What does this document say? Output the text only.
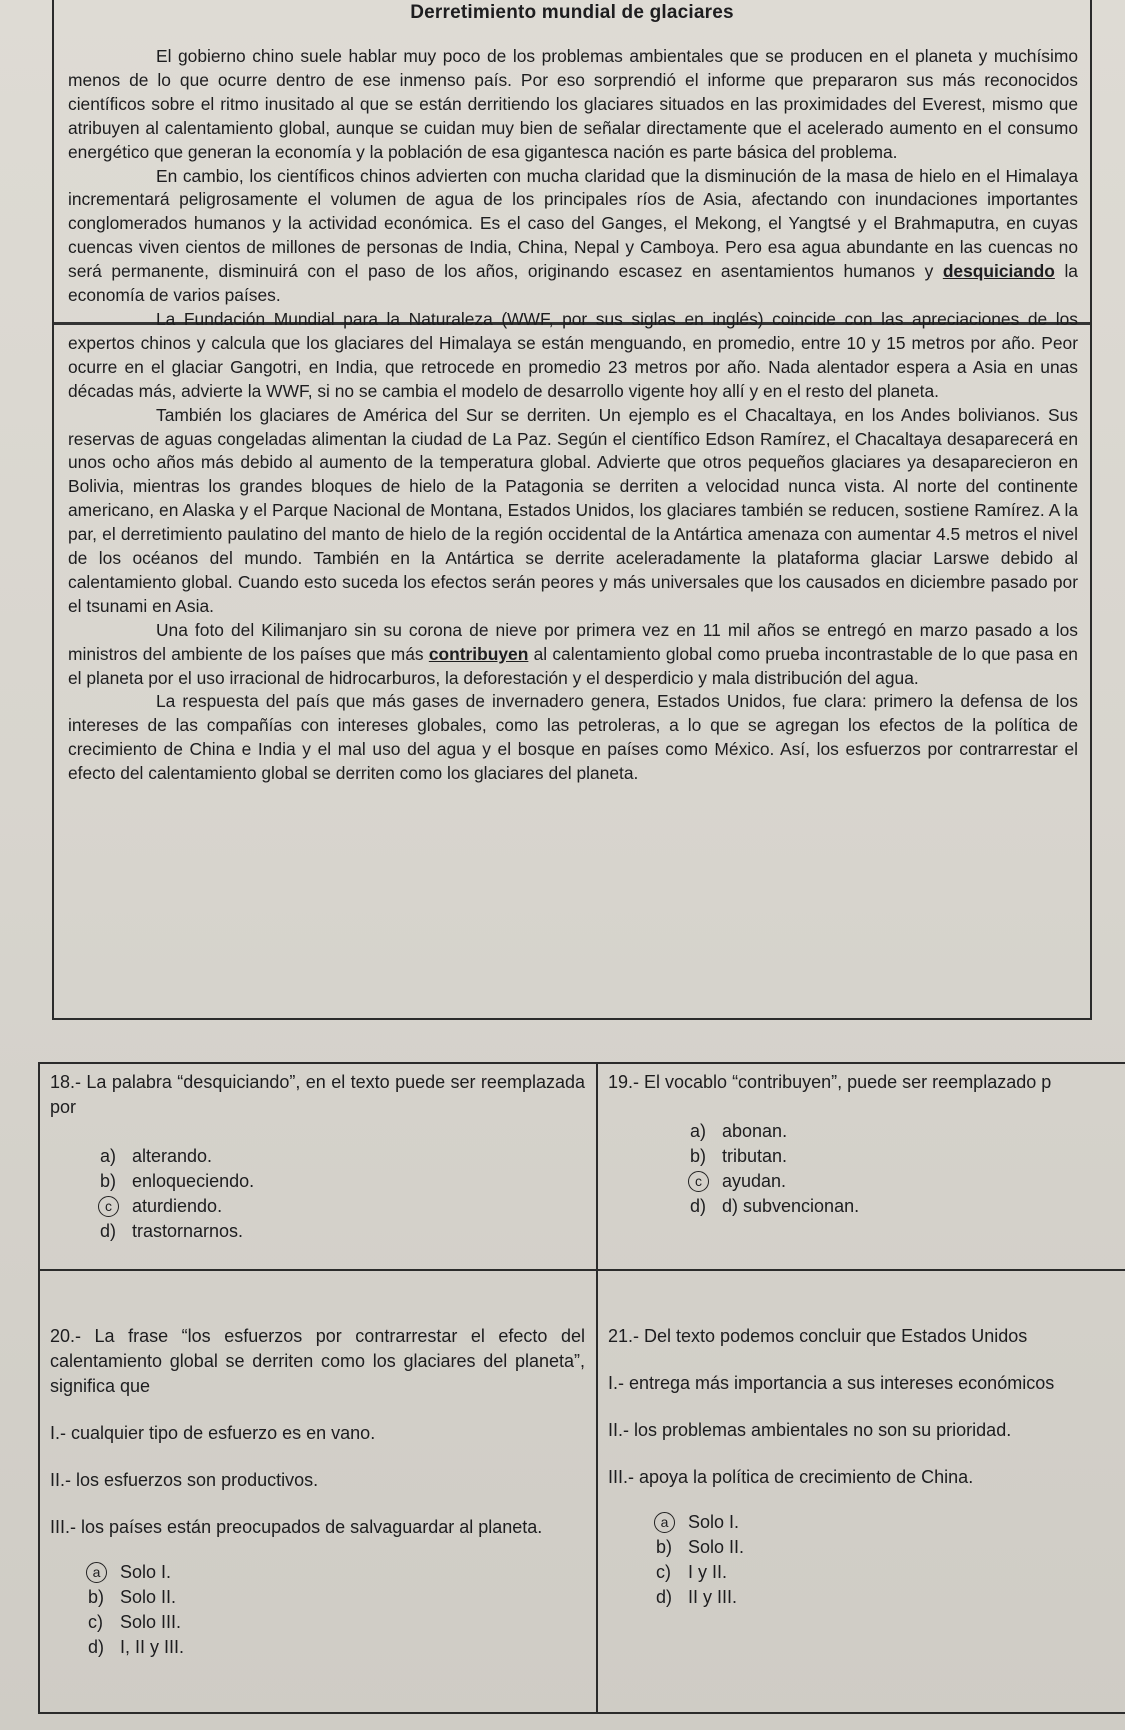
Derretimiento mundial de glaciares

El gobierno chino suele hablar muy poco de los problemas ambientales que se producen en el planeta y muchísimo menos de lo que ocurre dentro de ese inmenso país. Por eso sorprendió el informe que prepararon sus más reconocidos científicos sobre el ritmo inusitado al que se están derritiendo los glaciares situados en las proximidades del Everest, mismo que atribuyen al calentamiento global, aunque se cuidan muy bien de señalar directamente que el acelerado aumento en el consumo energético que generan la economía y la población de esa gigantesca nación es parte básica del problema.

En cambio, los científicos chinos advierten con mucha claridad que la disminución de la masa de hielo en el Himalaya incrementará peligrosamente el volumen de agua de los principales ríos de Asia, afectando con inundaciones importantes conglomerados humanos y la actividad económica. Es el caso del Ganges, el Mekong, el Yangtsé y el Brahmaputra, en cuyas cuencas viven cientos de millones de personas de India, China, Nepal y Camboya. Pero esa agua abundante en las cuencas no será permanente, disminuirá con el paso de los años, originando escasez en asentamientos humanos y desquiciando la economía de varios países.

La Fundación Mundial para la Naturaleza (WWF, por sus siglas en inglés) coincide con las apreciaciones de los expertos chinos y calcula que los glaciares del Himalaya se están menguando, en promedio, entre 10 y 15 metros por año. Peor ocurre en el glaciar Gangotri, en India, que retrocede en promedio 23 metros por año. Nada alentador espera a Asia en unas décadas más, advierte la WWF, si no se cambia el modelo de desarrollo vigente hoy allí y en el resto del planeta.

También los glaciares de América del Sur se derriten. Un ejemplo es el Chacaltaya, en los Andes bolivianos. Sus reservas de aguas congeladas alimentan la ciudad de La Paz. Según el científico Edson Ramírez, el Chacaltaya desaparecerá en unos ocho años más debido al aumento de la temperatura global. Advierte que otros pequeños glaciares ya desaparecieron en Bolivia, mientras los grandes bloques de hielo de la Patagonia se derriten a velocidad nunca vista. Al norte del continente americano, en Alaska y el Parque Nacional de Montana, Estados Unidos, los glaciares también se reducen, sostiene Ramírez. A la par, el derretimiento paulatino del manto de hielo de la región occidental de la Antártica amenaza con aumentar 4.5 metros el nivel de los océanos del mundo. También en la Antártica se derrite aceleradamente la plataforma glaciar Larswe debido al calentamiento global. Cuando esto suceda los efectos serán peores y más universales que los causados en diciembre pasado por el tsunami en Asia.

Una foto del Kilimanjaro sin su corona de nieve por primera vez en 11 mil años se entregó en marzo pasado a los ministros del ambiente de los países que más contribuyen al calentamiento global como prueba incontrastable de lo que pasa en el planeta por el uso irracional de hidrocarburos, la deforestación y el desperdicio y mala distribución del agua.

La respuesta del país que más gases de invernadero genera, Estados Unidos, fue clara: primero la defensa de los intereses de las compañías con intereses globales, como las petroleras, a lo que se agregan los efectos de la política de crecimiento de China e India y el mal uso del agua y el bosque en países como México. Así, los esfuerzos por contrarrestar el efecto del calentamiento global se derriten como los glaciares del planeta.

18.- La palabra “desquiciando”, en el texto puede ser reemplazada por
a) alterando.
b) enloqueciendo.
c	aturdiendo.
d) trastornarnos.
19.- El vocablo “contribuyen”, puede ser reemplazado p
a) abonan.
b) tributan.
c	ayudan.
d) d) subvencionan.
20.- La frase “los esfuerzos por contrarrestar el efecto del calentamiento global se derriten como los glaciares del planeta”, significa que
I.- cualquier tipo de esfuerzo es en vano.
II.- los esfuerzos son productivos.
III.- los países están preocupados de salvaguardar al planeta.
a	Solo I.
b) Solo II.
c) Solo III.
d) I, II y III.
21.- Del texto podemos concluir que Estados Unidos
I.- entrega más importancia a sus intereses económicos
II.- los problemas ambientales no son su prioridad.
III.- apoya la política de crecimiento de China.
a	Solo I.
b) Solo II.
c) I y II.
d) II y III.
